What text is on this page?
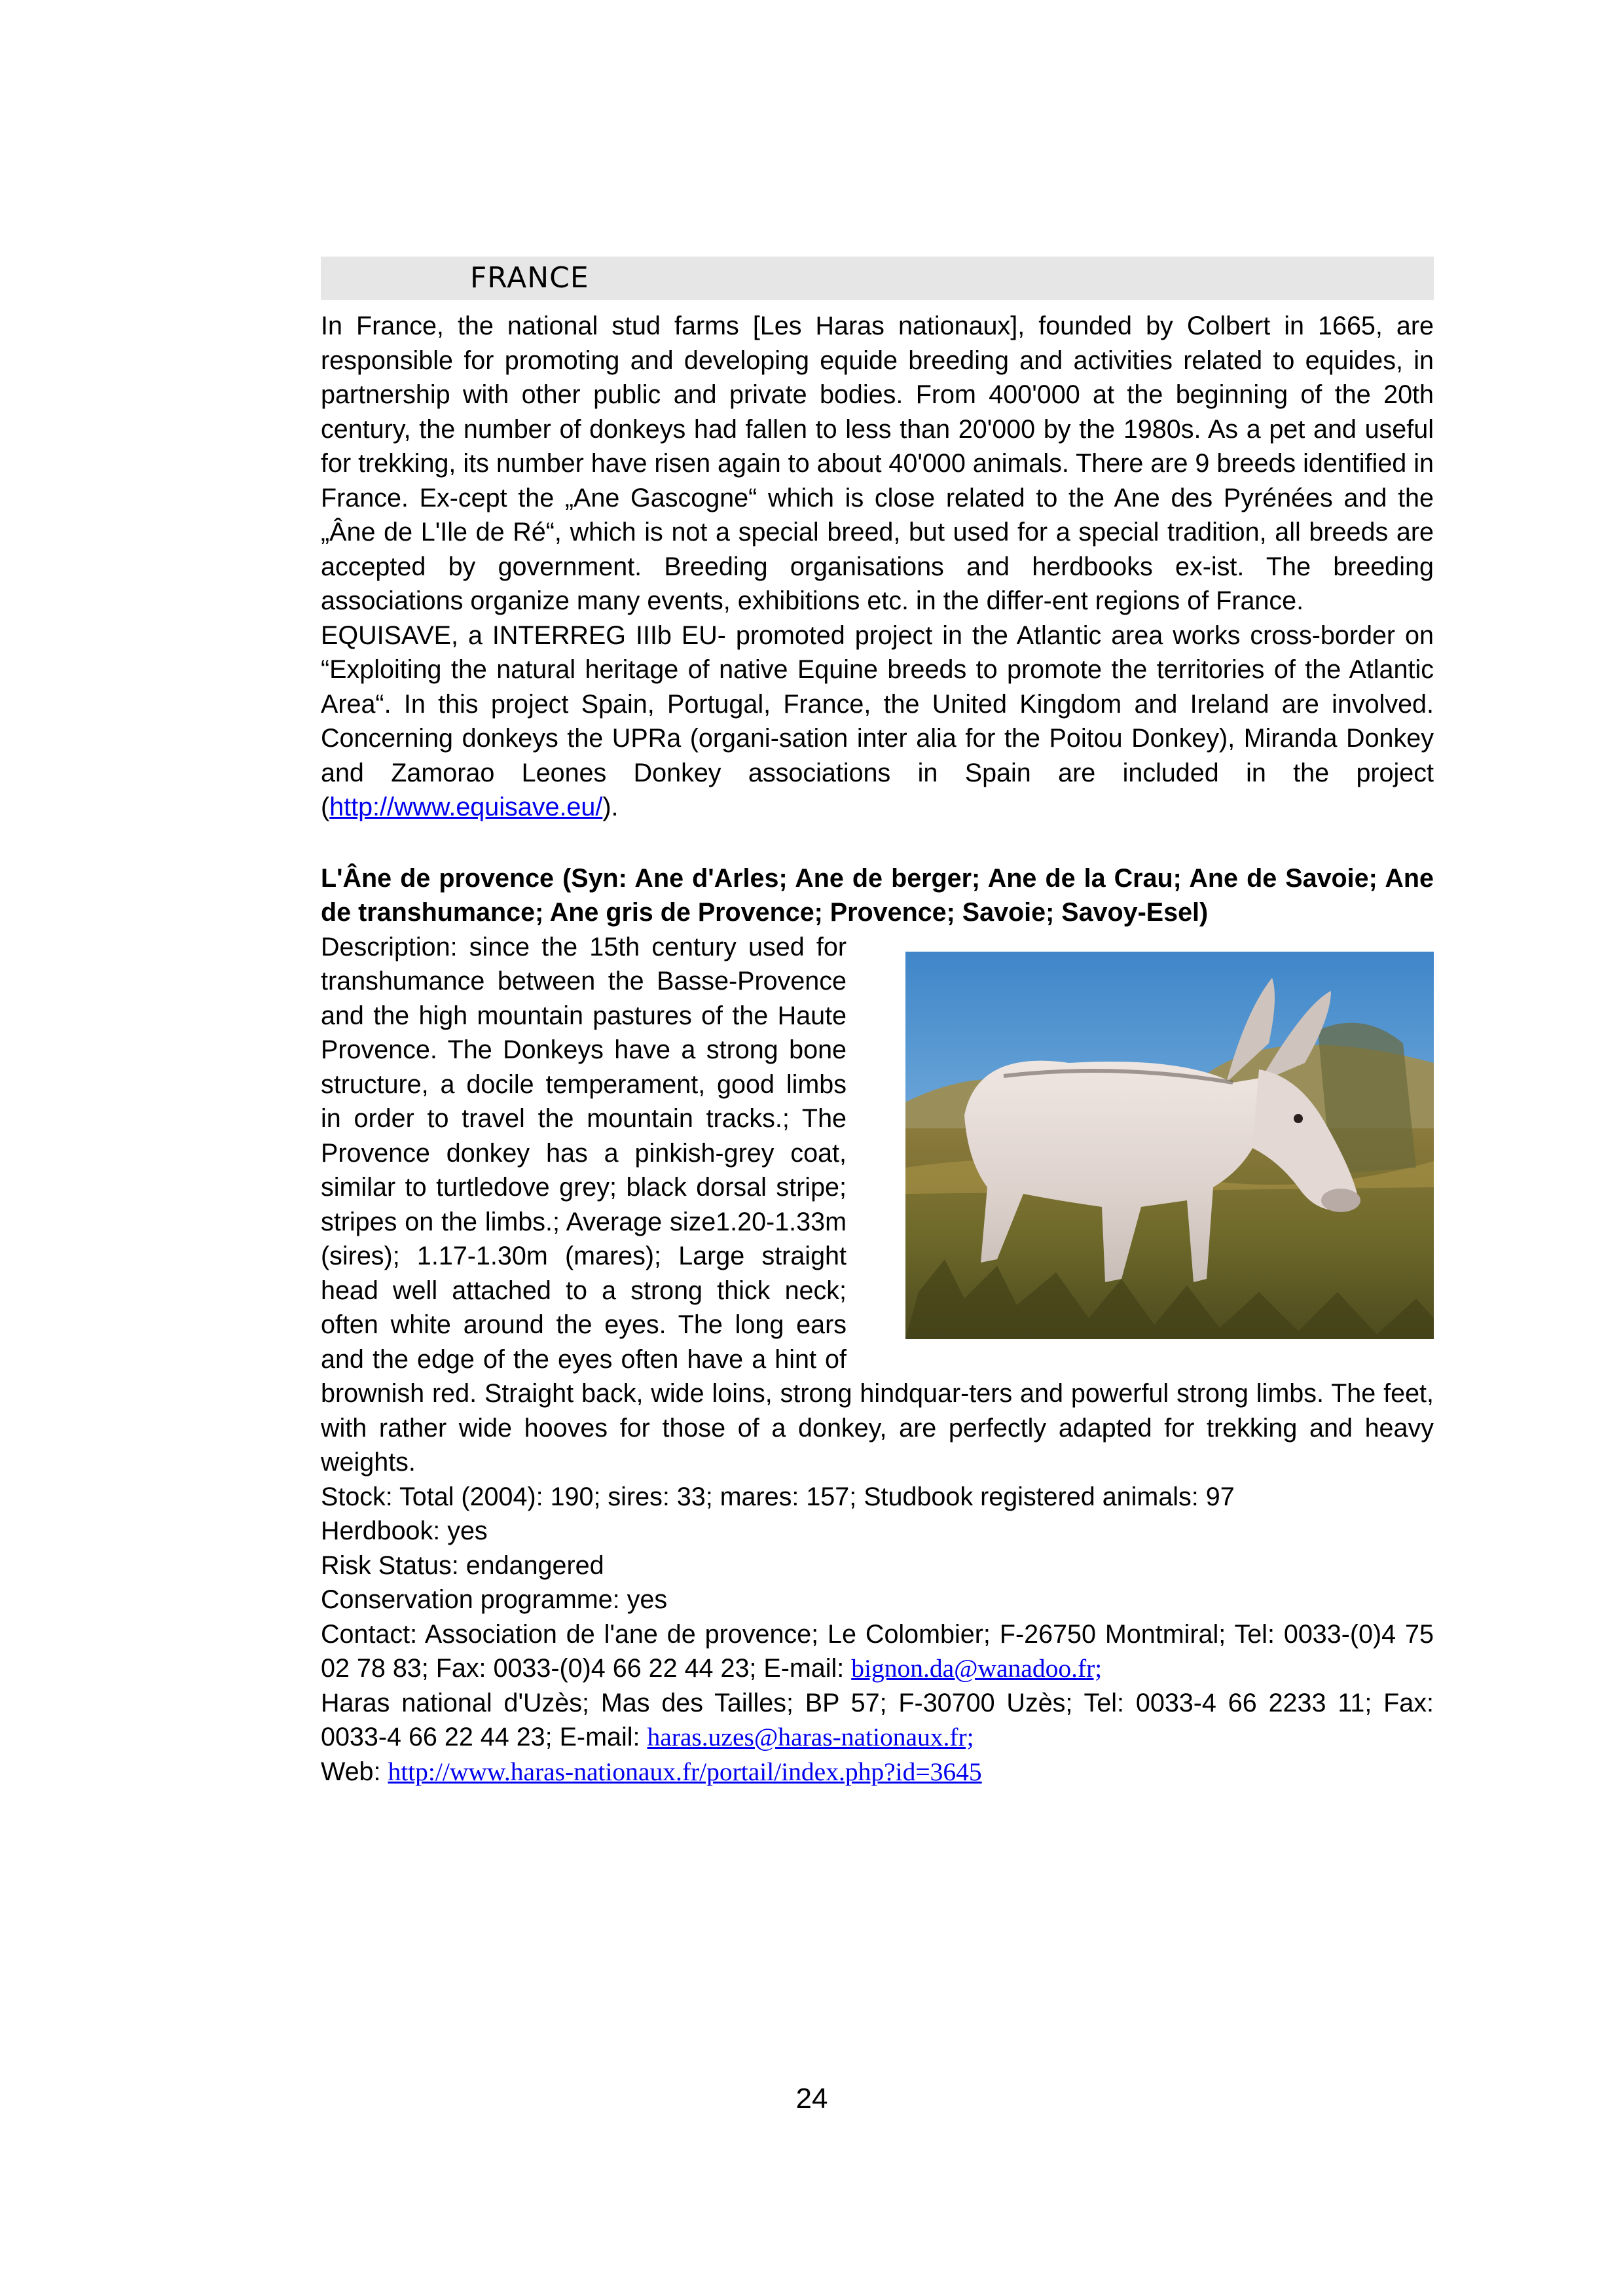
FRANCE

In France, the national stud farms [Les Haras nationaux], founded by Colbert in 1665, are responsible for promoting and developing equide breeding and activities related to equides, in partnership with other public and private bodies. From 400'000 at the beginning of the 20th century, the number of donkeys had fallen to less than 20'000 by the 1980s. As a pet and useful for trekking, its number have risen again to about 40'000 animals. There are 9 breeds identified in France. Ex-cept the „Ane Gascogne“ which is close related to the Ane des Pyrénées and the „Âne de L'Ile de Ré“, which is not a special breed, but used for a special tradition, all breeds are accepted by government. Breeding organisations and herdbooks ex-ist. The breeding associations organize many events, exhibitions etc. in the differ-ent regions of France.

EQUISAVE, a INTERREG IIIb EU- promoted project in the Atlantic area works cross-border on “Exploiting the natural heritage of native Equine breeds to promote the territories of the Atlantic Area“. In this project Spain, Portugal, France, the United Kingdom and Ireland are involved. Concerning donkeys the UPRa (organi-sation inter alia for the Poitou Donkey), Miranda Donkey and Zamorao Leones Donkey associations in Spain are included in the project (http://www.equisave.eu/).

L'Âne de provence (Syn: Ane d'Arles; Ane de berger; Ane de la Crau; Ane de Savoie; Ane de transhumance; Ane gris de Provence; Provence; Savoie; Savoy-Esel)

Description: since the 15th century used for transhumance between the Basse-Provence and the high mountain pastures of the Haute Provence. The Donkeys have a strong bone structure, a docile temperament, good limbs in order to travel the mountain tracks.; The Provence donkey has a pinkish-grey coat, similar to turtledove grey; black dorsal stripe; stripes on the limbs.; Average size1.20-1.33m (sires); 1.17-1.30m (mares); Large straight head well attached to a strong thick neck; often white around the eyes. The long ears and the edge of the eyes often have a hint of brownish red. Straight back, wide loins, strong hindquar-ters and powerful strong limbs. The feet, with rather wide hooves for those of a donkey, are perfectly adapted for trekking and heavy weights.

Stock: Total (2004): 190; sires: 33; mares: 157; Studbook registered animals: 97

Herdbook: yes

Risk Status: endangered

Conservation programme: yes

Contact: Association de l'ane de provence; Le Colombier; F-26750 Montmiral; Tel: 0033-(0)4 75 02 78 83; Fax: 0033-(0)4 66 22 44 23; E-mail: bignon.da@wanadoo.fr;

Haras national d'Uzès; Mas des Tailles; BP 57; F-30700 Uzès; Tel: 0033-4 66 2233 11; Fax: 0033-4 66 22 44 23; E-mail: haras.uzes@haras-nationaux.fr;

Web: http://www.haras-nationaux.fr/portail/index.php?id=3645

24
